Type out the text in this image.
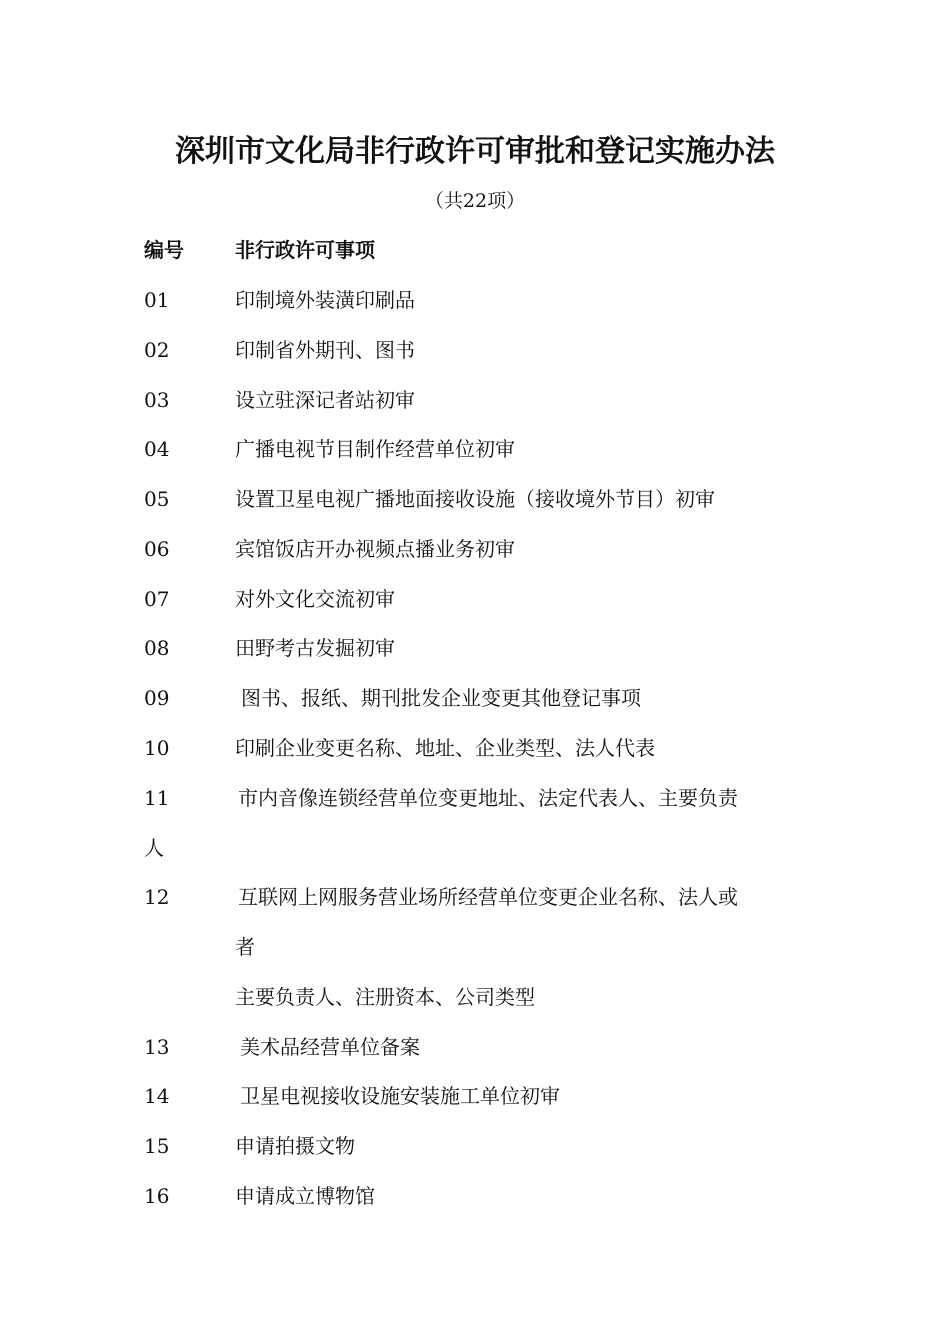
深圳市文化局非行政许可审批和登记实施办法
（共22项）
编号	非行政许可事项
01	印制境外装潢印刷品
02	印制省外期刊、图书
03	设立驻深记者站初审
04	广播电视节目制作经营单位初审
05	设置卫星电视广播地面接收设施（接收境外节目）初审
06	宾馆饭店开办视频点播业务初审
07	对外文化交流初审
08	田野考古发掘初审
09	图书、报纸、期刊批发企业变更其他登记事项
10	印刷企业变更名称、地址、企业类型、法人代表
11	市内音像连锁经营单位变更地址、法定代表人、主要负责
人
12	互联网上网服务营业场所经营单位变更企业名称、法人或
者
主要负责人、注册资本、公司类型
13	美术品经营单位备案
14	卫星电视接收设施安装施工单位初审
15	申请拍摄文物
16	申请成立博物馆
